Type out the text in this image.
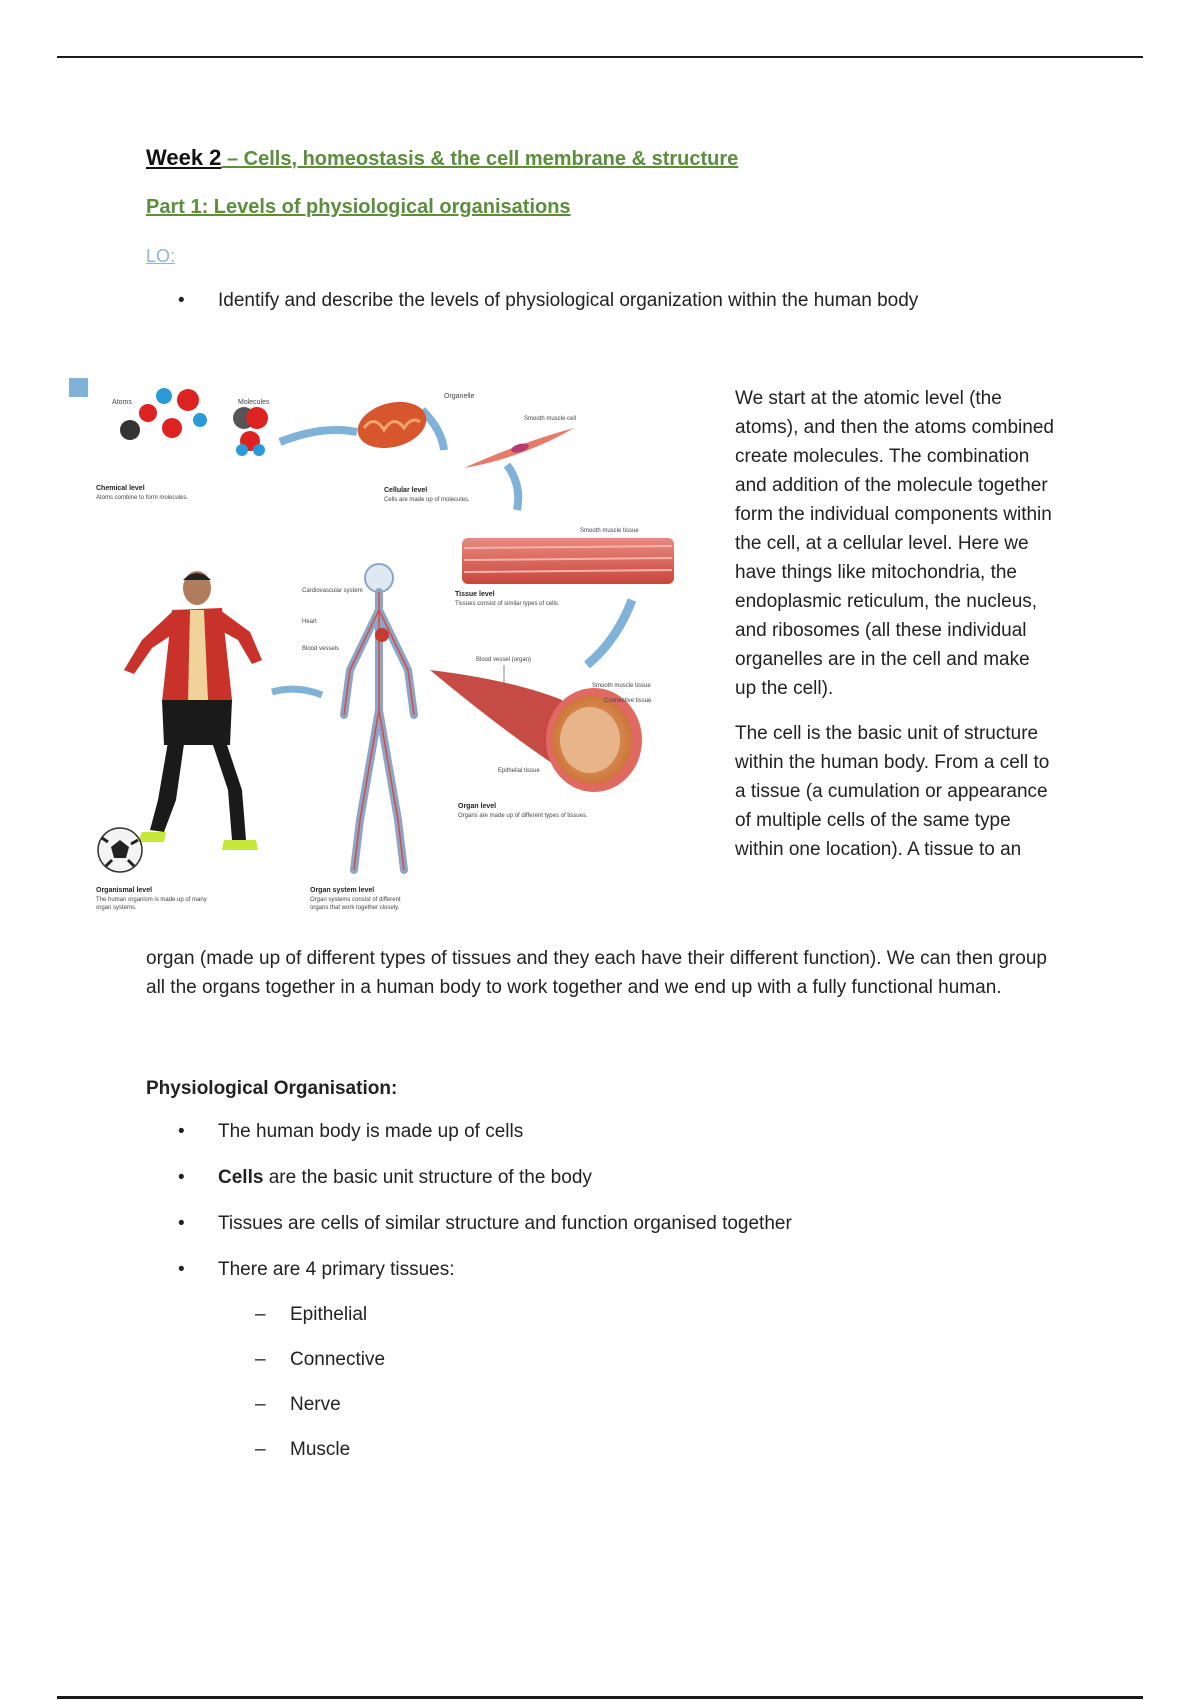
Week 2 – Cells, homeostasis & the cell membrane & structure
Part 1: Levels of physiological organisations
LO:
• Identify and describe the levels of physiological organization within the human body
Atoms	Molecules
Chemical level
Atoms combine to form molecules.
Organelle
Smooth muscle cell
Cellular level
Cells are made up of molecules.
Smooth muscle tissue
Tissue level
Tissues consist of similar types of cells.
Blood vessel (organ)
Smooth muscle tissue
Connective tissue
Epithelial tissue
Organ level
Organs are made up of different types of tissues.
Cardiovascular system
Heart
Blood vessels
Organ system level
Organ systems consist of different
organs that work together closely.
Organismal level
The human organism is made up of many
organ systems.

We start at the atomic level (the atoms), and then the atoms combined create molecules. The combination and addition of the molecule together form the individual components within the cell, at a cellular level. Here we have things like mitochondria, the endoplasmic reticulum, the nucleus, and ribosomes (all these individual organelles are in the cell and make up the cell).

The cell is the basic unit of structure within the human body. From a cell to a tissue (a cumulation or appearance of multiple cells of the same type within one location). A tissue to an

organ (made up of different types of tissues and they each have their different function). We can then group all the organs together in a human body to work together and we end up with a fully functional human.

Physiological Organisation:
• The human body is made up of cells
• Cells are the basic unit structure of the body
• Tissues are cells of similar structure and function organised together
• There are 4 primary tissues:
– Epithelial
– Connective
– Nerve
– Muscle
